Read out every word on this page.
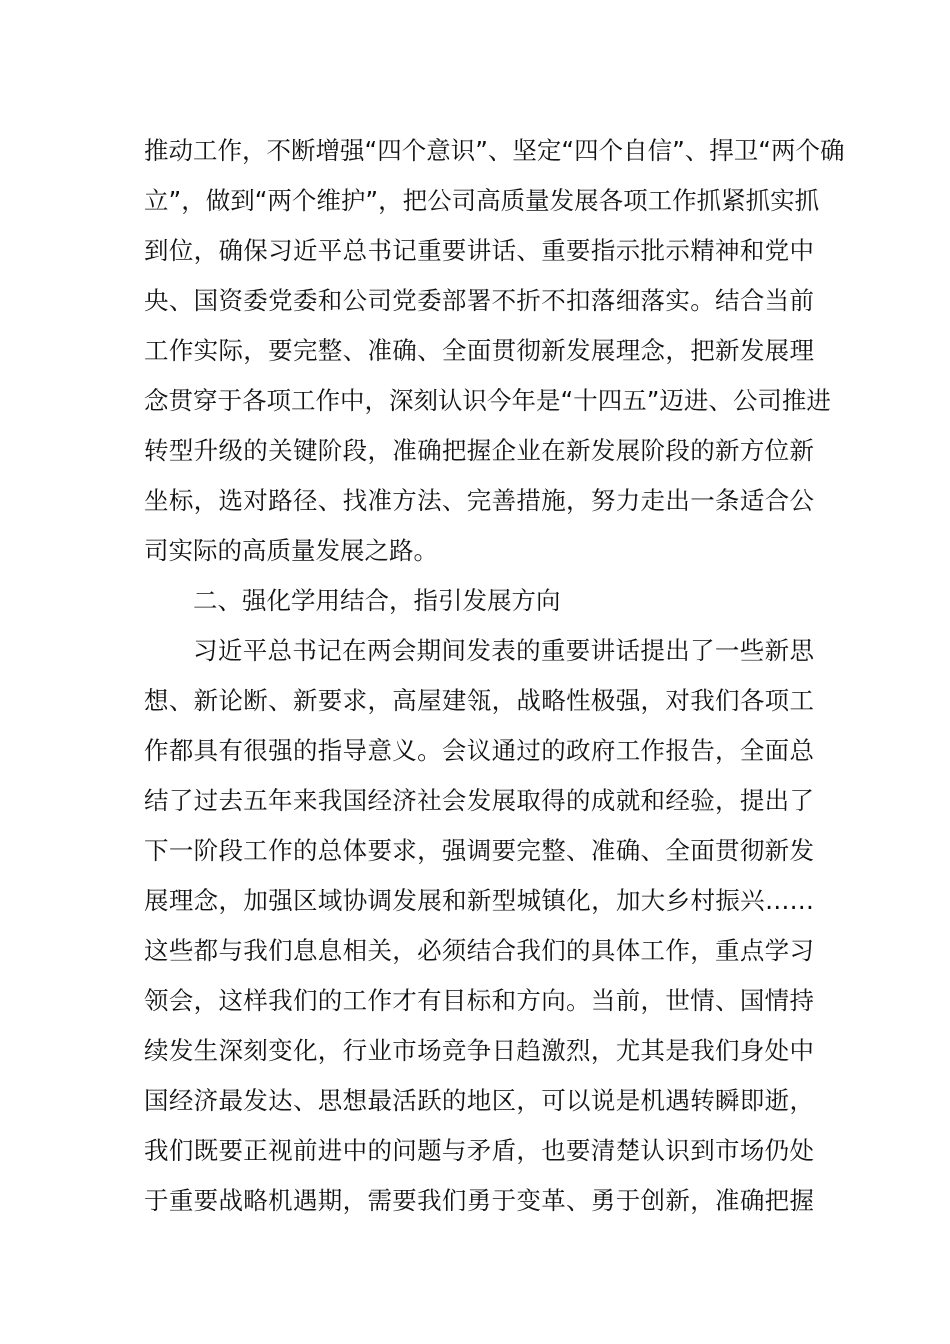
推动工作，不断增强“四个意识”、坚定“四个自信”、捍卫“两个确
立”，做到“两个维护”，把公司高质量发展各项工作抓紧抓实抓
到位，确保习近平总书记重要讲话、重要指示批示精神和党中
央、国资委党委和公司党委部署不折不扣落细落实。结合当前
工作实际，要完整、准确、全面贯彻新发展理念，把新发展理
念贯穿于各项工作中，深刻认识今年是“十四五”迈进、公司推进
转型升级的关键阶段，准确把握企业在新发展阶段的新方位新
坐标，选对路径、找准方法、完善措施，努力走出一条适合公
司实际的高质量发展之路。
二、强化学用结合，指引发展方向
习近平总书记在两会期间发表的重要讲话提出了一些新思
想、新论断、新要求，高屋建瓴，战略性极强，对我们各项工
作都具有很强的指导意义。会议通过的政府工作报告，全面总
结了过去五年来我国经济社会发展取得的成就和经验，提出了
下一阶段工作的总体要求，强调要完整、准确、全面贯彻新发
展理念，加强区域协调发展和新型城镇化，加大乡村振兴……
这些都与我们息息相关，必须结合我们的具体工作，重点学习
领会，这样我们的工作才有目标和方向。当前，世情、国情持
续发生深刻变化，行业市场竞争日趋激烈，尤其是我们身处中
国经济最发达、思想最活跃的地区，可以说是机遇转瞬即逝，
我们既要正视前进中的问题与矛盾，也要清楚认识到市场仍处
于重要战略机遇期，需要我们勇于变革、勇于创新，准确把握
